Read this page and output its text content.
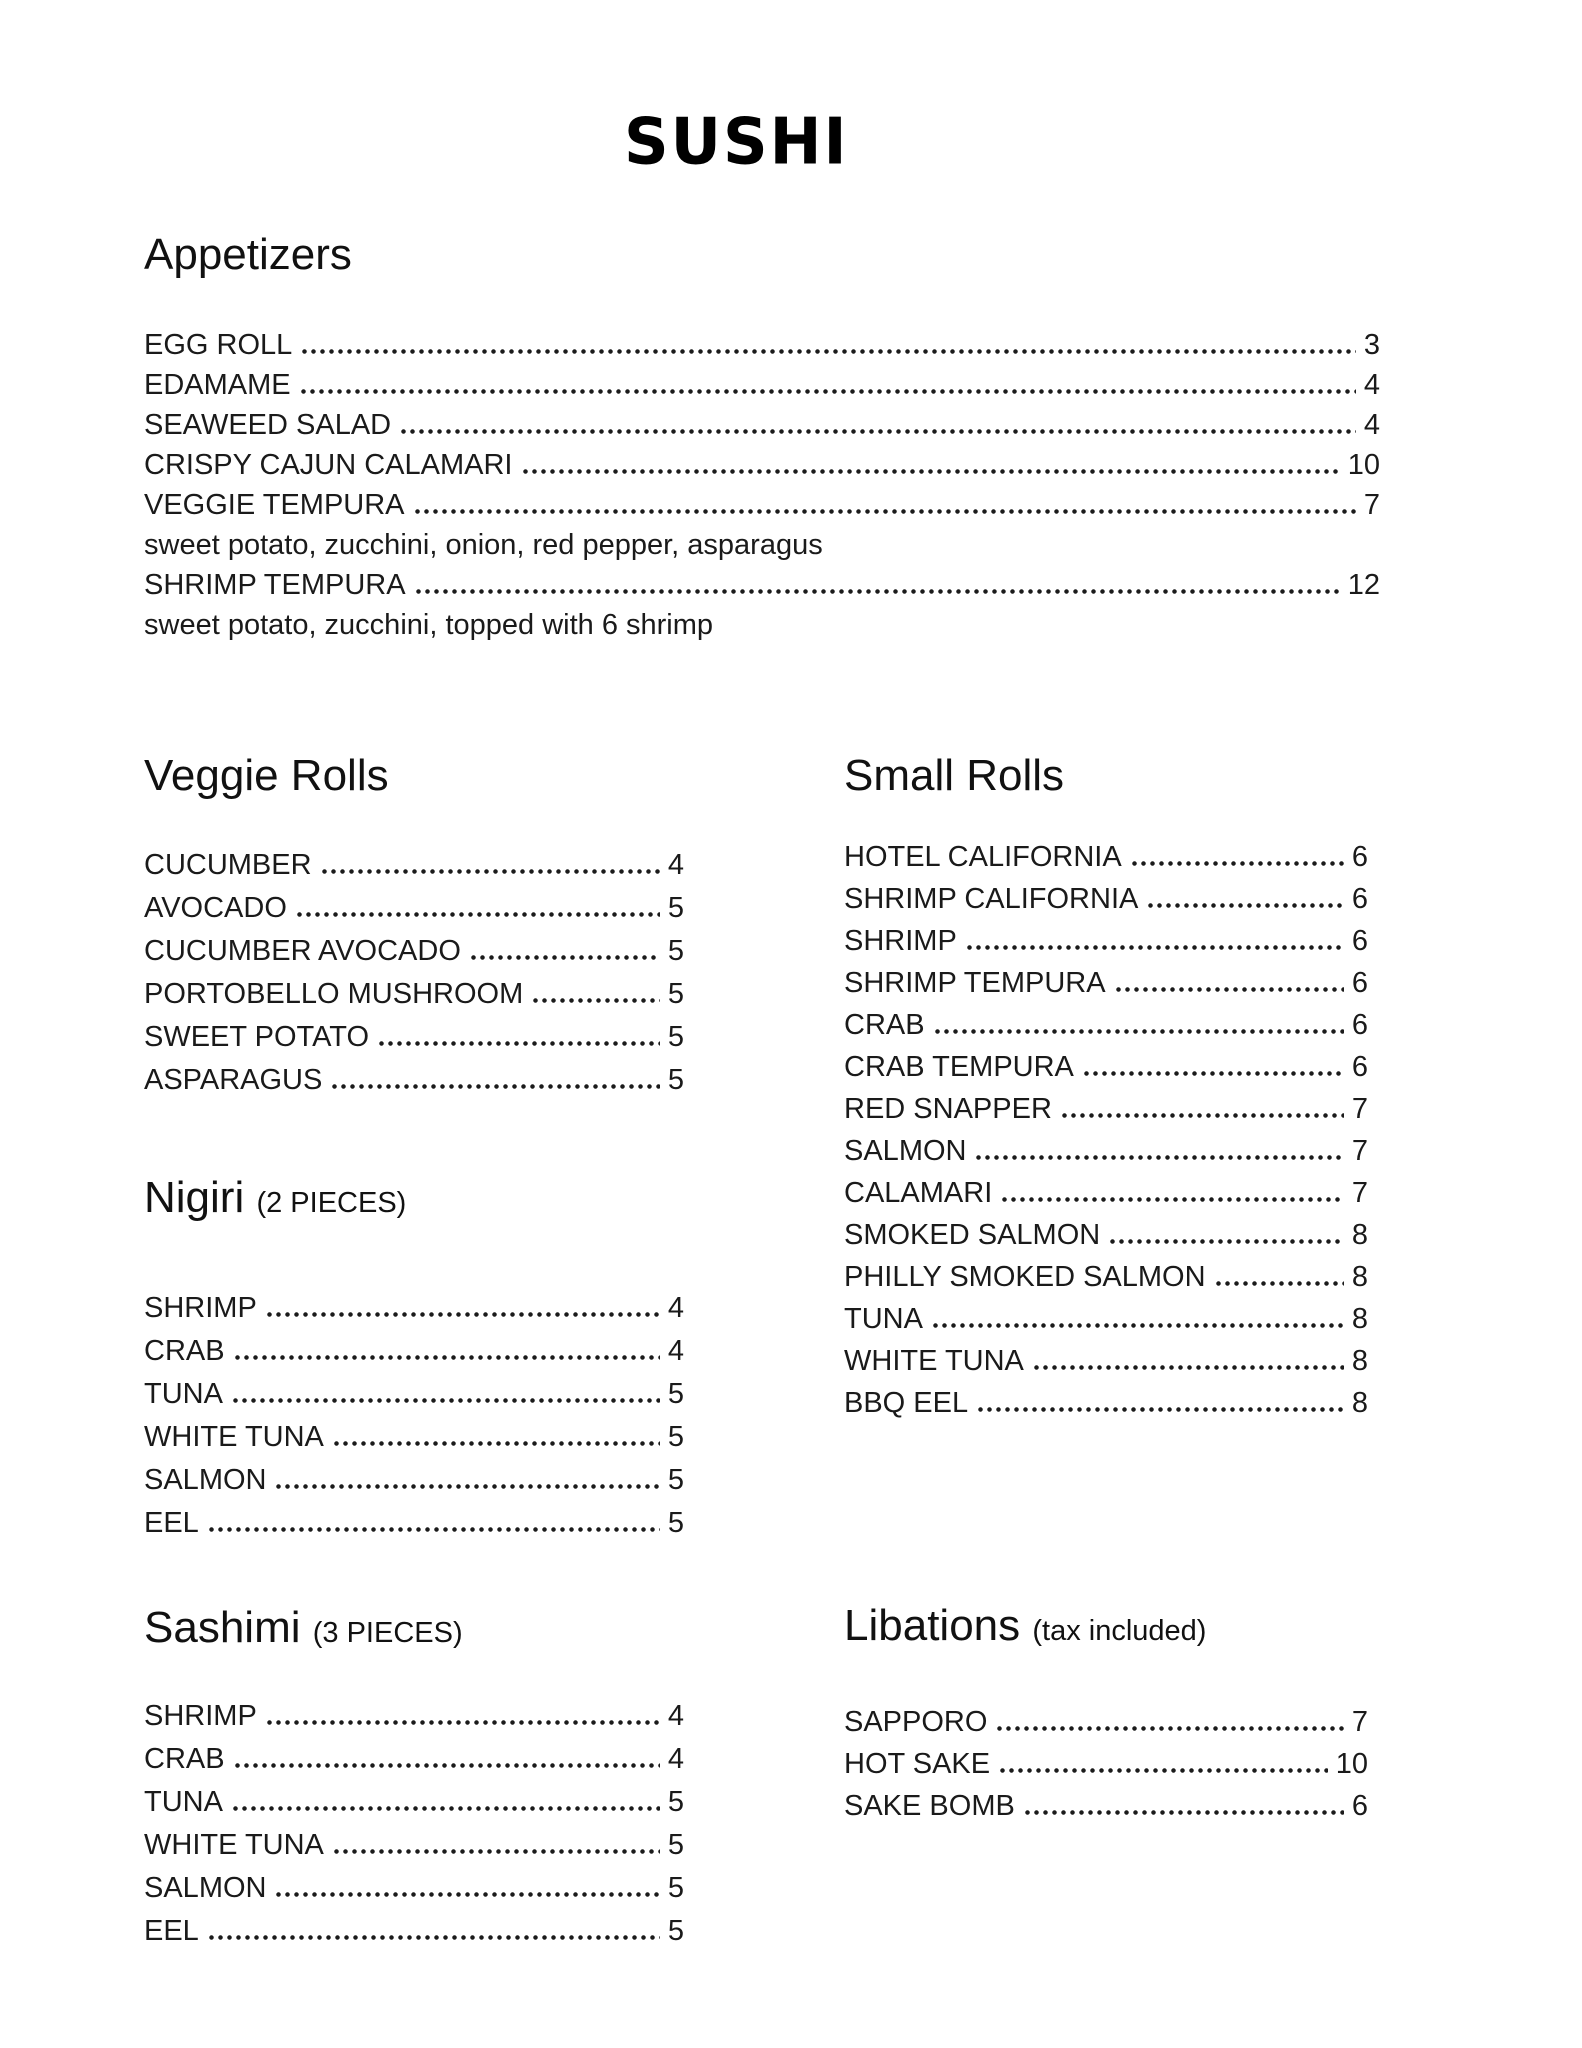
SUSHI
Appetizers
EGG ROLL	3
EDAMAME	4
SEAWEED SALAD	4
CRISPY CAJUN CALAMARI	10
VEGGIE TEMPURA	7
sweet potato, zucchini, onion, red pepper, asparagus
SHRIMP TEMPURA	12
sweet potato, zucchini, topped with 6 shrimp
Veggie Rolls
CUCUMBER	4
AVOCADO	5
CUCUMBER AVOCADO	5
PORTOBELLO MUSHROOM	5
SWEET POTATO	5
ASPARAGUS	5
Nigiri (2 PIECES)
SHRIMP	4
CRAB	4
TUNA	5
WHITE TUNA	5
SALMON	5
EEL	5
Sashimi (3 PIECES)
SHRIMP	4
CRAB	4
TUNA	5
WHITE TUNA	5
SALMON	5
EEL	5
Small Rolls
HOTEL CALIFORNIA	6
SHRIMP CALIFORNIA	6
SHRIMP	6
SHRIMP TEMPURA	6
CRAB	6
CRAB TEMPURA	6
RED SNAPPER	7
SALMON	7
CALAMARI	7
SMOKED SALMON	8
PHILLY SMOKED SALMON	8
TUNA	8
WHITE TUNA	8
BBQ EEL	8
Libations (tax included)
SAPPORO	7
HOT SAKE	10
SAKE BOMB	6
